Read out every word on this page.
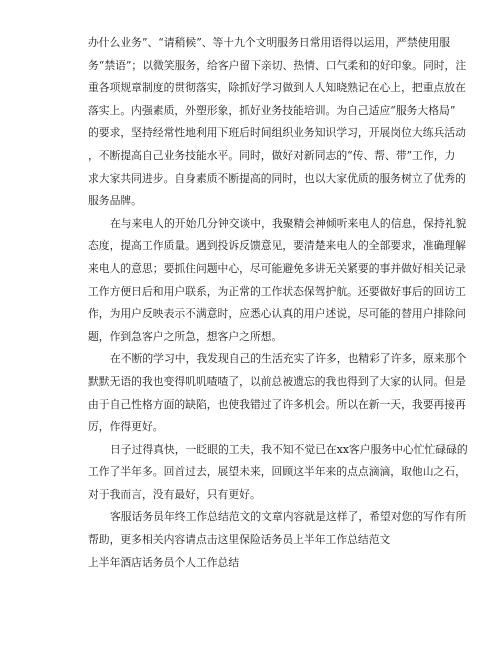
办什么业务”、“请稍候”、等十九个文明服务日常用语得以运用，严禁使用服
务“禁语”；以微笑服务，给客户留下亲切、热情、口气柔和的好印象。同时，注
重各项规章制度的贯彻落实，除抓好学习做到人人知晓熟记在心上，把重点放在
落实上。内强素质，外塑形象，抓好业务技能培训。为自己适应“服务大格局”
的要求，坚持经常性地利用下班后时间组织业务知识学习，开展岗位大练兵活动
，不断提高自己业务技能水平。同时，做好对新同志的“传、帮、带”工作，力
求大家共同进步。自身素质不断提高的同时，也以大家优质的服务树立了优秀的
服务品牌。
在与来电人的开始几分钟交谈中，我聚精会神倾听来电人的信息，保持礼貌
态度，提高工作质量。遇到投诉反馈意见，要清楚来电人的全部要求，准确理解
来电人的意思；要抓住问题中心，尽可能避免多讲无关紧要的事并做好相关记录
工作方便日后和用户联系，为正常的工作状态保驾护航。还要做好事后的回访工
作，为用户反映表示不满意时，应悉心认真的用户述说，尽可能的替用户排除问
题，作到急客户之所急，想客户之所想。
在不断的学习中，我发现自己的生活充实了许多，也精彩了许多，原来那个
默默无语的我也变得叽叽喳喳了，以前总被遗忘的我也得到了大家的认同。但是
由于自己性格方面的缺陷，也使我错过了许多机会。所以在新一天，我要再接再
厉，作得更好。
日子过得真快，一眨眼的工夫，我不知不觉已在xx客户服务中心忙忙碌碌的
工作了半年多。回首过去，展望未来，回顾这半年来的点点滴滴，取他山之石，
对于我而言，没有最好，只有更好。
客服话务员年终工作总结范文的文章内容就是这样了，希望对您的写作有所
帮助，更多相关内容请点击这里保险话务员上半年工作总结范文
上半年酒店话务员个人工作总结
